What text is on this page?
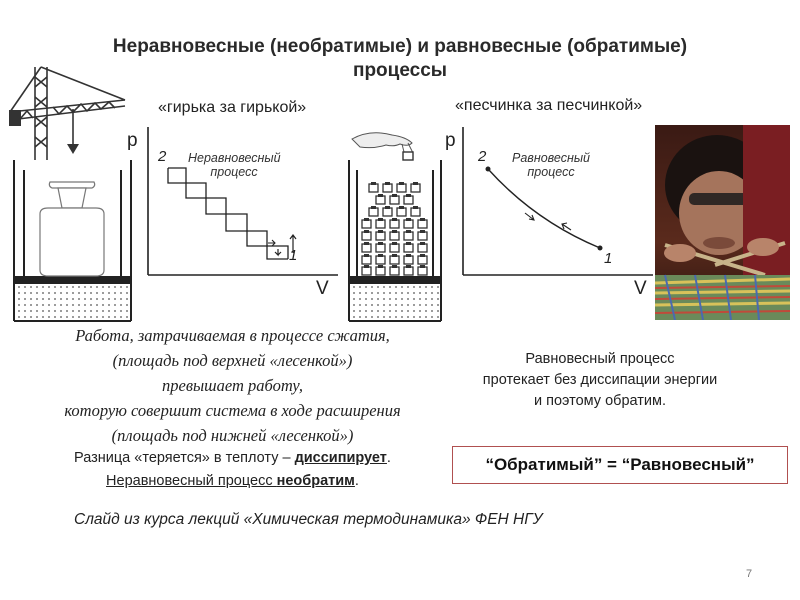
Неравновесные (необратимые) и равновесные (обратимые)
процессы
«гирька за гирькой»
p
V
2
1
Неравновесный
процесс
«песчинка за песчинкой»
p
V
2
1
Равновесный
процесс
Работа, затрачиваемая в процессе сжатия,
(площадь под верхней «лесенкой»)
превышает работу,
которую совершит система в ходе расширения
(площадь под нижней «лесенкой»)
Разница «теряется» в теплоту – диссипирует.
Неравновесный процесс необратим.
Равновесный процесс
протекает без диссипации энергии
и поэтому обратим.
“Обратимый” = “Равновесный”
Слайд из курса лекций «Химическая термодинамика» ФЕН НГУ
7
